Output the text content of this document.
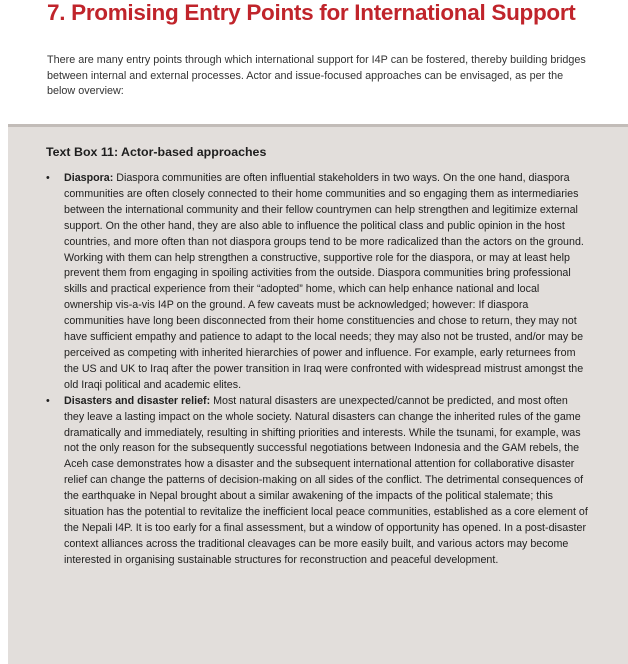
7. Promising Entry Points for International Support

There are many entry points through which international support for I4P can be fostered, thereby building bridges between internal and external processes. Actor and issue-focused approaches can be envisaged, as per the below overview:

Text Box 11: Actor-based approaches
• Diaspora: Diaspora communities are often influential stakeholders in two ways. On the one hand, diaspora communities are often closely connected to their home communities and so engaging them as intermediaries between the international community and their fellow countrymen can help strengthen and legitimize external support. On the other hand, they are also able to influence the political class and public opinion in the host countries, and more often than not diaspora groups tend to be more radicalized than the actors on the ground. Working with them can help strengthen a constructive, supportive role for the diaspora, or may at least help prevent them from engaging in spoiling activities from the outside. Diaspora communities bring professional skills and practical experience from their “adopted” home, which can help enhance national and local ownership vis-a-vis I4P on the ground. A few caveats must be acknowledged; however: If diaspora communities have long been disconnected from their home constituencies and chose to return, they may not have sufficient empathy and patience to adapt to the local needs; they may also not be trusted, and/or may be perceived as competing with inherited hierarchies of power and influence. For example, early returnees from the US and UK to Iraq after the power transition in Iraq were confronted with widespread mistrust amongst the old Iraqi political and academic elites.
• Disasters and disaster relief: Most natural disasters are unexpected/cannot be predicted, and most often they leave a lasting impact on the whole society. Natural disasters can change the inherited rules of the game dramatically and immediately, resulting in shifting priorities and interests. While the tsunami, for example, was not the only reason for the subsequently successful negotiations between Indonesia and the GAM rebels, the Aceh case demonstrates how a disaster and the subsequent international attention for collaborative disaster relief can change the patterns of decision-making on all sides of the conflict. The detrimental consequences of the earthquake in Nepal brought about a similar awakening of the impacts of the political stalemate; this situation has the potential to revitalize the inefficient local peace communities, established as a core element of the Nepali I4P. It is too early for a final assessment, but a window of opportunity has opened. In a post-disaster context alliances across the traditional cleavages can be more easily built, and various actors may become interested in organising sustainable structures for reconstruction and peaceful development.
